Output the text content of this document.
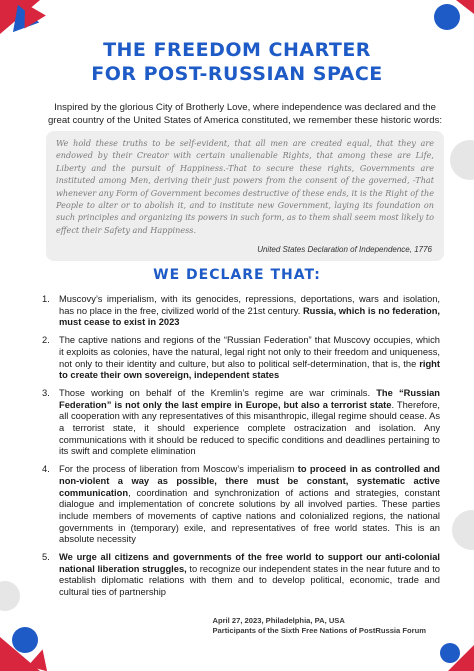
THE FREEDOM CHARTER
FOR POST-RUSSIAN SPACE

Inspired by the glorious City of Brotherly Love, where independence was declared and the great country of the United States of America constituted, we remember these historic words:

We hold these truths to be self-evident, that all men are created equal, that they are endowed by their Creator with certain unalienable Rights, that among these are Life, Liberty and the pursuit of Happiness.-That to secure these rights, Governments are instituted among Men, deriving their just powers from the consent of the governed, -That whenever any Form of Government becomes destructive of these ends, it is the Right of the People to alter or to abolish it, and to institute new Government, laying its foundation on such principles and organizing its powers in such form, as to them shall seem most likely to effect their Safety and Happiness.

United States Declaration of Independence, 1776
WE DECLARE THAT:
1. Muscovy’s imperialism, with its genocides, repressions, deportations, wars and isolation, has no place in the free, civilized world of the 21st century. Russia, which is no federation, must cease to exist in 2023
2. The captive nations and regions of the “Russian Federation” that Muscovy occupies, which it exploits as colonies, have the natural, legal right not only to their freedom and uniqueness, not only to their identity and culture, but also to political self-determination, that is, the right to create their own sovereign, independent states
3. Those working on behalf of the Kremlin’s regime are war criminals. The “Russian Federation” is not only the last empire in Europe, but also a terrorist state. Therefore, all cooperation with any representatives of this misanthropic, illegal regime should cease. As a terrorist state, it should experience complete ostracization and isolation. Any communications with it should be reduced to specific conditions and deadlines pertaining to its swift and complete elimination
4. For the process of liberation from Moscow’s imperialism to proceed in as controlled and non-violent a way as possible, there must be constant, systematic active communication, coordination and synchronization of actions and strategies, constant dialogue and implementation of concrete solutions by all involved parties. These parties include members of movements of captive nations and colonialized regions, the national governments in (temporary) exile, and representatives of free world states. This is an absolute necessity
5. We urge all citizens and governments of the free world to support our anti-colonial national liberation struggles, to recognize our independent states in the near future and to establish diplomatic relations with them and to develop political, economic, trade and cultural ties of partnership
April 27, 2023, Philadelphia, PA, USA
Participants of the Sixth Free Nations of PostRussia Forum
